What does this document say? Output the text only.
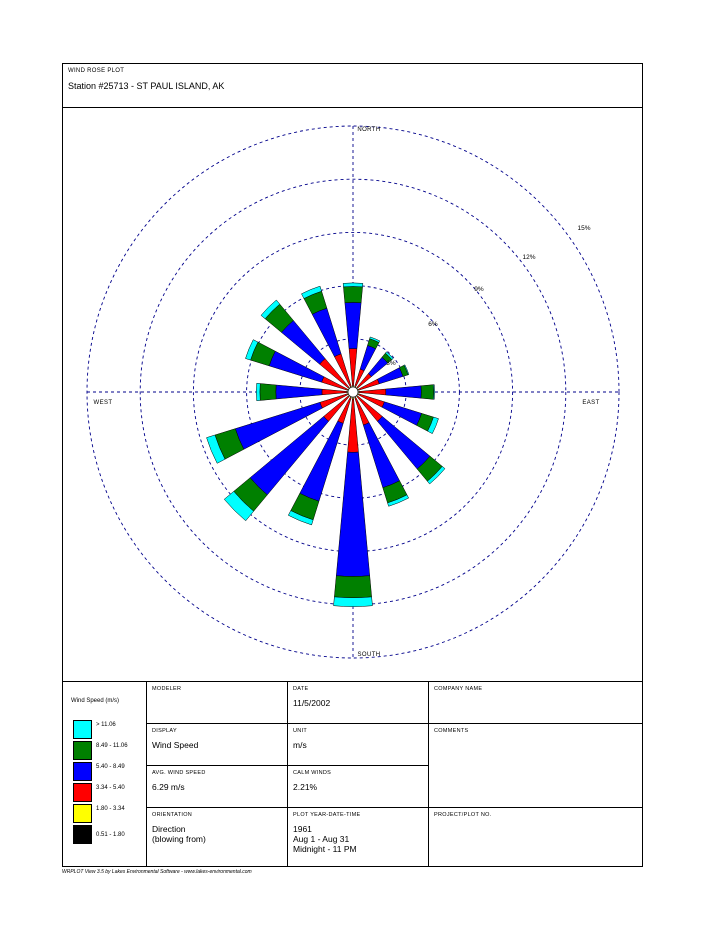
WIND ROSE PLOT
Station #25713 - ST PAUL ISLAND, AK
3%
6%
9%
12%
15%
NORTH
SOUTH
EAST
WEST
Wind Speed (m/s)
> 11.06
8.49 - 11.06
5.40 - 8.49
3.34 - 5.40
1.80 - 3.34
0.51 - 1.80
MODELER	DATE
11/5/2002
COMPANY NAME
DISPLAY
Wind Speed
UNIT
m/s
COMMENTS
AVG. WIND SPEED
6.29 m/s
CALM WINDS
2.21%
ORIENTATION
Direction
(blowing from)
PLOT YEAR-DATE-TIME
1961
Aug 1 - Aug 31
Midnight - 11 PM
PROJECT/PLOT NO.
WRPLOT View 3.5 by Lakes Environmental Software - www.lakes-environmental.com
